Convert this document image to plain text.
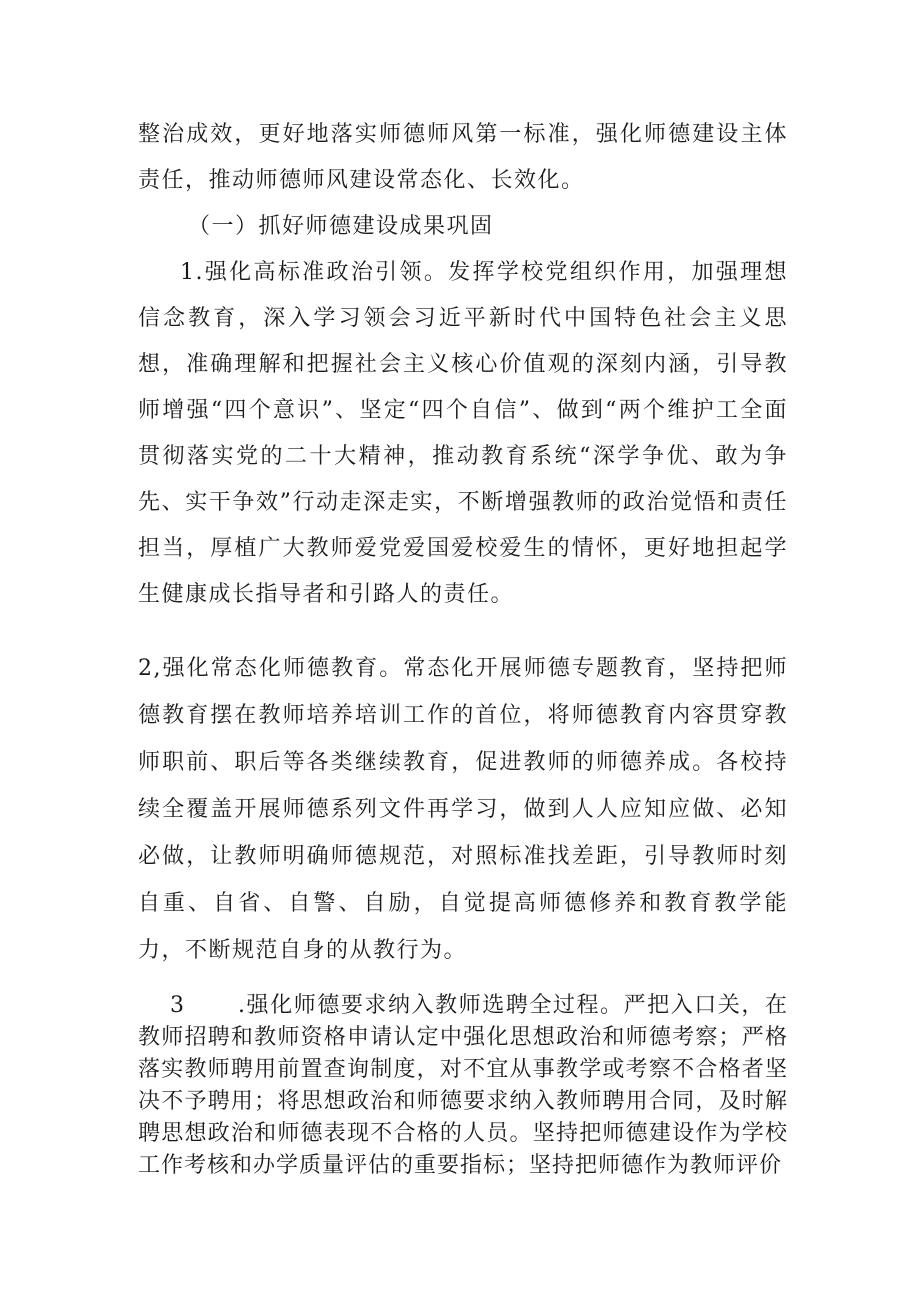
整治成效，更好地落实师德师风第一标准，强化师德建设主体责任，推动师德师风建设常态化、长效化。

（一）抓好师德建设成果巩固

1.强化高标准政治引领。发挥学校党组织作用，加强理想信念教育，深入学习领会习近平新时代中国特色社会主义思想，准确理解和把握社会主义核心价值观的深刻内涵，引导教师增强“四个意识”、坚定“四个自信”、做到“两个维护工全面贯彻落实党的二十大精神，推动教育系统“深学争优、敢为争先、实干争效”行动走深走实，不断增强教师的政治觉悟和责任担当，厚植广大教师爱党爱国爱校爱生的情怀，更好地担起学生健康成长指导者和引路人的责任。

2,强化常态化师德教育。常态化开展师德专题教育，坚持把师德教育摆在教师培养培训工作的首位，将师德教育内容贯穿教师职前、职后等各类继续教育，促进教师的师德养成。各校持续全覆盖开展师德系列文件再学习，做到人人应知应做、必知必做，让教师明确师德规范，对照标准找差距，引导教师时刻自重、自省、自警、自励，自觉提高师德修养和教育教学能力，不断规范自身的从教行为。

3 .强化师德要求纳入教师选聘全过程。严把入口关，在教师招聘和教师资格申请认定中强化思想政治和师德考察；严格落实教师聘用前置查询制度，对不宜从事教学或考察不合格者坚决不予聘用；将思想政治和师德要求纳入教师聘用合同，及时解聘思想政治和师德表现不合格的人员。坚持把师德建设作为学校工作考核和办学质量评估的重要指标；坚持把师德作为教师评价
